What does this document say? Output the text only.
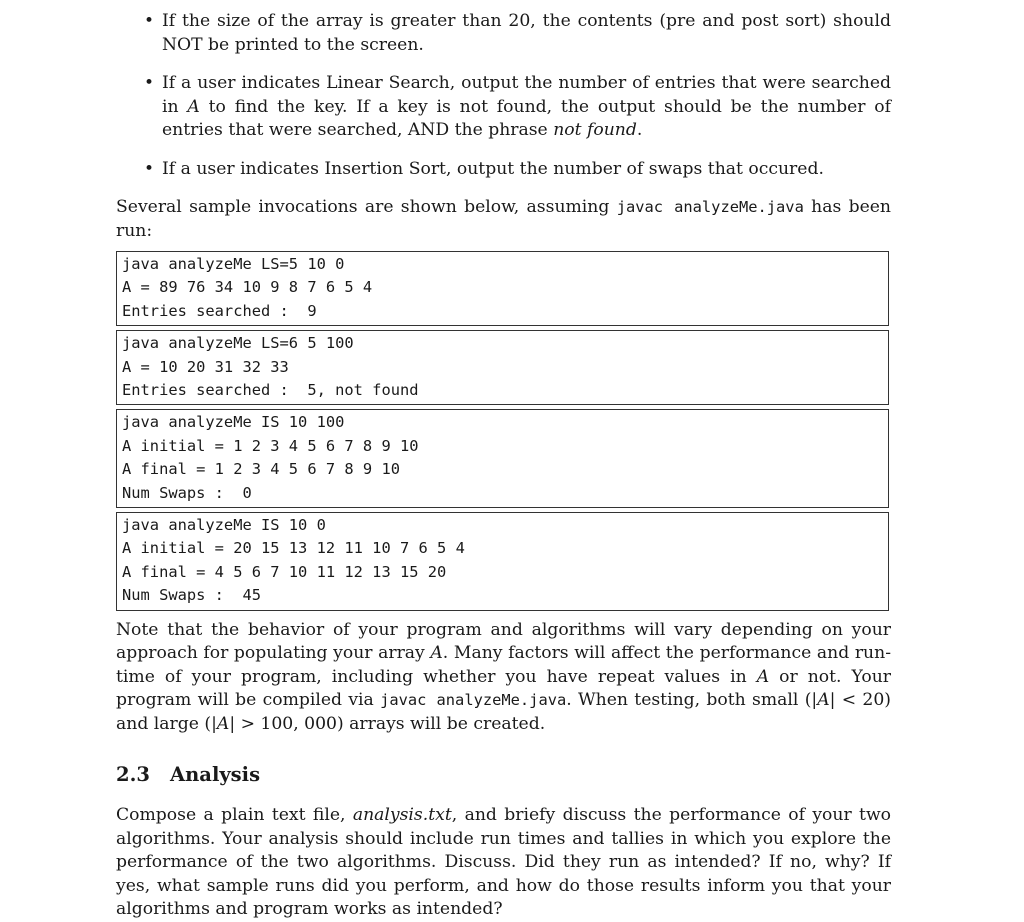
• If the size of the array is greater than 20, the contents (pre and post sort) should NOT be printed to the screen.
• If a user indicates Linear Search, output the number of entries that were searched in A to find the key. If a key is not found, the output should be the number of entries that were searched, AND the phrase not found.
• If a user indicates Insertion Sort, output the number of swaps that occured.

Several sample invocations are shown below, assuming javac analyzeMe.java has been run:

java analyzeMe LS=5 10 0
A = 89 76 34 10 9 8 7 6 5 4
Entries searched :  9
java analyzeMe LS=6 5 100
A = 10 20 31 32 33
Entries searched :  5, not found
java analyzeMe IS 10 100
A initial = 1 2 3 4 5 6 7 8 9 10
A final = 1 2 3 4 5 6 7 8 9 10
Num Swaps :  0
java analyzeMe IS 10 0
A initial = 20 15 13 12 11 10 7 6 5 4
A final = 4 5 6 7 10 11 12 13 15 20
Num Swaps :  45

Note that the behavior of your program and algorithms will vary depending on your approach for populating your array A. Many factors will affect the performance and run-time of your program, including whether you have repeat values in A or not. Your program will be compiled via javac analyzeMe.java. When testing, both small (|A| < 20) and large (|A| > 100, 000) arrays will be created.

2.3 Analysis

Compose a plain text file, analysis.txt, and briefy discuss the performance of your two algorithms. Your analysis should include run times and tallies in which you explore the performance of the two algorithms. Discuss. Did they run as intended? If no, why? If yes, what sample runs did you perform, and how do those results inform you that your algorithms and program works as intended?
